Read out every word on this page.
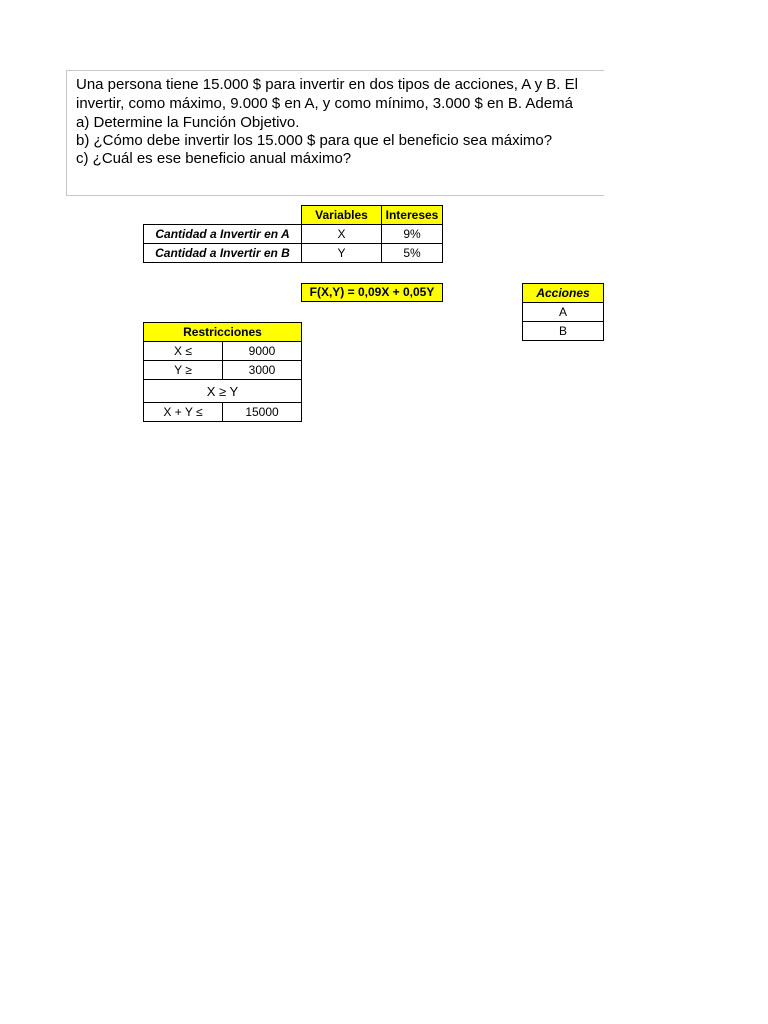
Una persona tiene 15.000 $ para invertir en dos tipos de acciones, A y B. El
invertir, como máximo, 9.000 $ en A, y como mínimo, 3.000 $ en B. Ademá
a) Determine la Función Objetivo.
b) ¿Cómo debe invertir los 15.000 $ para que el beneficio sea máximo?
c) ¿Cuál es ese beneficio anual máximo?
	Variables	Intereses
Cantidad a Invertir en A	X	9%
Cantidad a Invertir en B	Y	5%
F(X,Y) = 0,09X + 0,05Y	Acciones
A
B
Restricciones	
X ≤	9000
Y ≥	3000
X ≥ Y	
X + Y ≤	15000
